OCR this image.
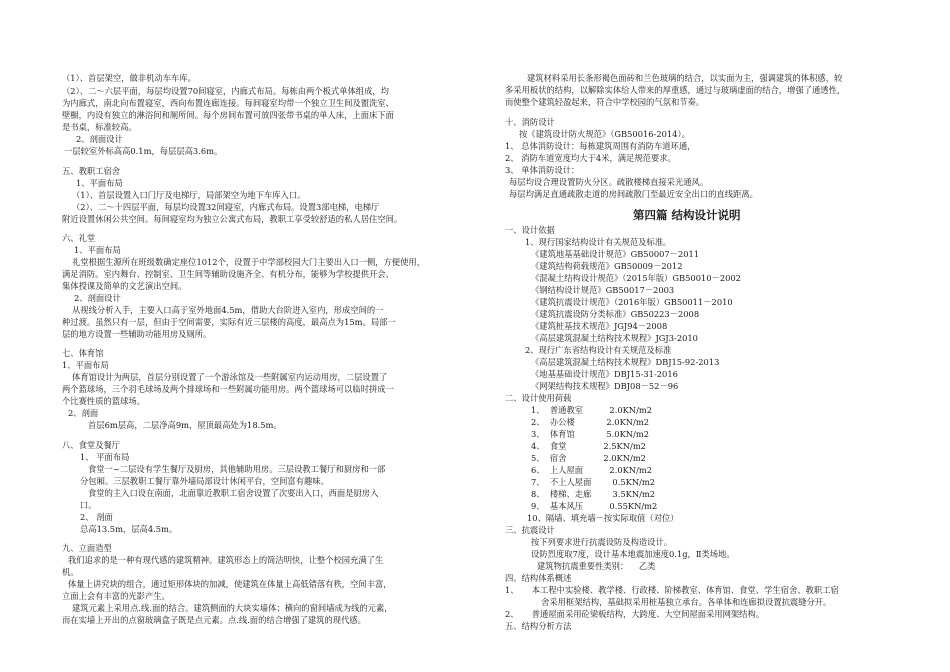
（1）、首层架空，做非机动车车库。
（2）、二～六层平面，每层均设置70间寝室，内廊式布局。每栋由两个板式单体组成，均
为内廊式，南北向布置寝室，西向布置连廊连接。每间寝室均带一个独立卫生间及盥洗室、
壁橱，内设有独立的淋浴间和厕所间。每个房间布置可放四张带书桌的单人床，上面床下面
是书桌，标准较高。
2、剖面设计
一层较室外标高高0.1m，每层层高3.6m。
五、教职工宿舍
1、平面布局
（1）、首层设置入口门厅及电梯厅，局部架空为地下车库入口。
（2）、二～十四层平面，每层均设置32间寝室，内廊式布局。设置3部电梯，电梯厅
附近设置休闲公共空间。每间寝室均为独立公寓式布局，教职工享受较舒适的私人居住空间。
六、礼堂
1、平面布局
礼堂根据生源所在班级数确定座位1012个，设置于中学部校园大门主要出入口一侧，方便使用，
满足消防。室内舞台、控制室、卫生间等辅助设施齐全、有机分布，能够为学校提供开会、
集体授课及简单的文艺演出空间。
2、剖面设计
从视线分析入手，主要入口高于室外地面4.5m，借助大台阶进入室内，形成空间的一
种过渡。虽然只有一层，但由于空间需要，实际有近三层楼的高度，最高点为15m。局部一
层的地方设置一些辅助功能用房及厕所。
七、体育馆
1、平面布局
体育馆设计为两层，首层分别设置了一个游泳馆及一些附属室内运动用房，二层设置了
两个篮球场，三个羽毛球场及两个排球场和一些附属功能用房。两个篮球场可以临时拼成一
个比赛性质的篮球场。
2、剖面
首层6m层高，二层净高9m，屋顶最高处为18.5m。
八、食堂及餐厅
1、 平面布局
食堂一~二层设有学生餐厅及厨房，其他辅助用房。三层设教工餐厅和厨房和一部
分包厢。三层教职工餐厅靠外墙局部设计休闲平台，空间富有趣味。
食堂的主入口设在南面，北面靠近教职工宿舍设置了次要出入口，西面是厨房入
口。
2、 剖面
总高13.5m，层高4.5m。
九、立面造型
我们追求的是一种有现代感的建筑精神。建筑形态上的简洁明快，让整个校园充满了生
机。
体量上讲究块的组合，通过矩形体块的加减，使建筑在体量上高低错落有秩，空间丰富，
立面上会有丰富的光影产生。
建筑元素上采用点.线.面的结合。建筑侧面的大块实墙体；横向的窗间墙成为线的元素，
而在实墙上开出的点窗玻璃盒子既是点元素。点.线.面的结合增强了建筑的现代感。
建筑材料采用长条形褐色面砖和兰色玻璃的结合，以实面为主，强调建筑的体积感，较
多采用板状的结构，以解除实体给人带来的厚重感，通过与玻璃虚面的结合，增强了通透性，
而使整个建筑轻盈起来，符合中学校园的气氛和节奏。
十、消防设计
按《建筑设计防火规范》（GB50016-2014）。
1、 总体消防设计：每栋建筑周围有消防车道环通，
2、 消防车道宽度均大于4米，满足规范要求。
3、 单体消防设计：
每层均设合理设置防火分区。疏散楼梯直接采光通风。
每层均满足直通疏散走道的房间疏散门至最近安全出口的直线距离。
第四篇 结构设计说明
一、设计依据
1、现行国家结构设计有关规范及标准。
《建筑地基基础设计规范》GB50007－2011
《建筑结构荷载规范》GB50009－2012
《混凝土结构设计规范》（2015年版）GB50010－2002
《钢结构设计规范》GB50017－2003
《建筑抗震设计规范》（2016年版）GB50011－2010
《建筑抗震设防分类标准》GB50223－2008
《建筑桩基技术规范》JGJ94－2008
《高层建筑混凝土结构技术规程》JGJ3-2010
2、现行广东省结构设计有关规范及标准
《高层建筑混凝土结构技术规程》DBJ15-92-2013
《地基基础设计规范》DBJ15-31-2016
《网架结构技术规程》DBJ08－52－96
二、设计使用荷载
1、  普通教室          2.0KN/m2
2、  办公楼            2.0KN/m2
3、  体育馆            5.0KN/m2
4、  食堂              2.5KN/m2
5、  宿舍              2.0KN/m2
6、  上人屋面          2.0KN/m2
7、  不上人屋面        0.5KN/m2
8、  楼梯、走廊        3.5KN/m2
9、  基本风压          0.55KN/m2
10、隔墙、填充墙－按实际取值（对位）
三、抗震设计
按下列要求进行抗震设防及构造设计。
设防烈度取7度，设计基本地震加速度0.1g，Ⅱ类场地。
建筑物抗震重要性类别：    乙类
四、结构体系概述
1、     本工程中实验楼、教学楼、行政楼、阶梯教室、体育馆、食堂、学生宿舍、教职工宿
舍采用框架结构，基础拟采用桩基独立承台。各单体和连廊拟设置抗震缝分开。
2、     普通屋面采用砼梁板结构，大跨度、大空间屋面采用网架结构。
五、结构分析方法
